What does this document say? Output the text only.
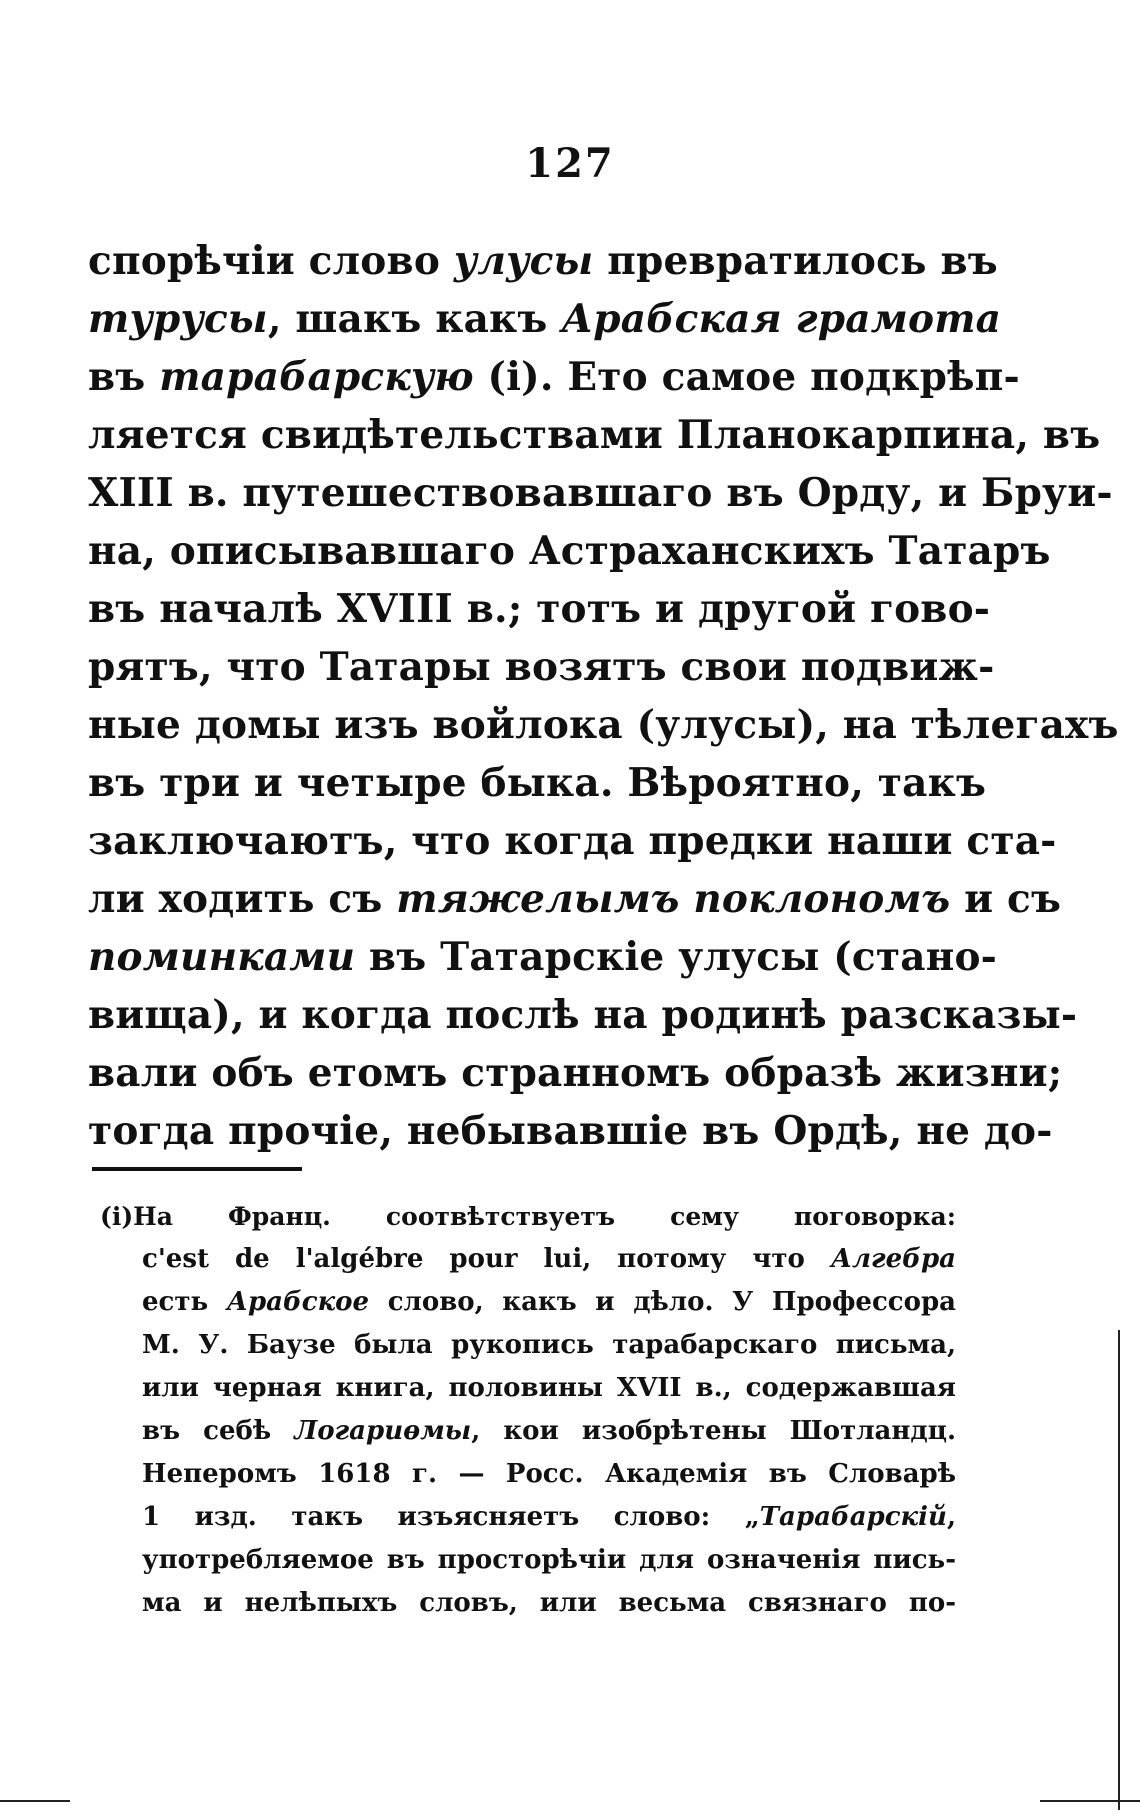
127
спорѣчіи слово улусы превратилось въ
турусы, шакъ какъ Арабская грамота
въ тарабарскую (i). Ето самое подкрѣп-
ляется свидѣтельствами Планокарпина, въ
XIII в. путешествовавшаго въ Орду, и Бруи-
на, описывавшаго Астраханскихъ Татаръ
въ началѣ XVIII в.; тотъ и другой гово-
рятъ, что Татары возятъ свои подвиж-
ные домы изъ войлока (улусы), на тѣлегахъ
въ три и четыре быка. Вѣроятно, такъ
заключаютъ, что когда предки наши ста-
ли ходить съ тяжелымъ поклономъ и съ
поминками въ Татарскіе улусы (стано-
вища), и когда послѣ на родинѣ разсказы-
вали объ етомъ странномъ образѣ жизни;
тогда прочіе, небывавшіе въ Ордѣ, не до-
(i)На Франц. соотвѣтствуетъ сему поговорка:
c'est de l'algébre pour lui, потому что Алгебра
есть Арабское слово, какъ и дѣло. У Профессора
М. У. Баузе была рукопись тарабарскаго письма,
или черная книга, половины XVII в., содержавшая
въ себѣ Логариѳмы, кои изобрѣтены Шотландц.
Неперомъ 1618 г. — Росс. Академія въ Словарѣ
1 изд. такъ изъясняетъ слово: „Тарабарскій,
употребляемое въ просторѣчіи для означенія пись-
ма и нелѣпыхъ словъ, или весьма связнаго по-
